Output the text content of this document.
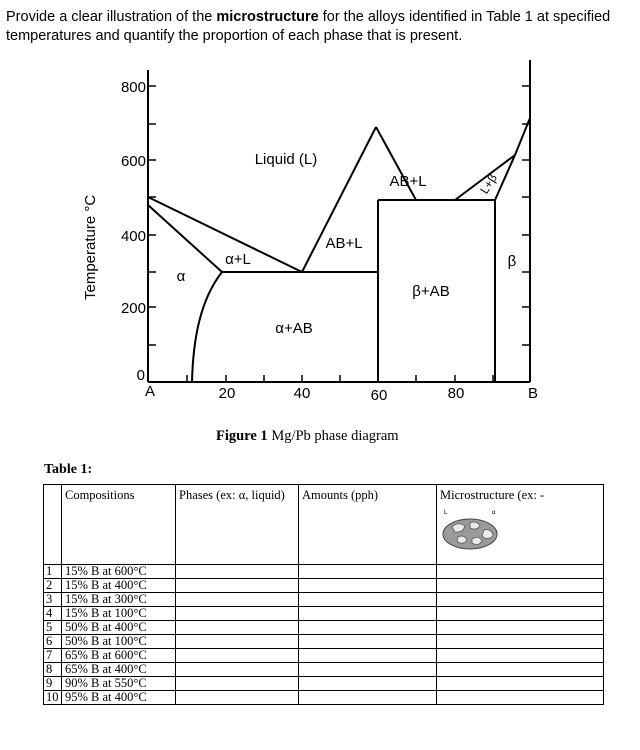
Provide a clear illustration of the microstructure for the alloys identified in Table 1 at specified temperatures and quantify the proportion of each phase that is present.
Temperature °C
800
600
400
200
0
A	20	40	60	80	B
Liquid (L)
α+L
AB+L
AB+L
α
α+AB
β+AB
β
L+β
Figure 1 Mg/Pb phase diagram
Table 1:
	Compositions	Phases (ex: α, liquid)	Amounts (pph)	Microstructure (ex: -
L α

1	15% B at 600°C			
2	15% B at 400°C			
3	15% B at 300°C			
4	15% B at 100°C			
5	50% B at 400°C			
6	50% B at 100°C			
7	65% B at 600°C			
8	65% B at 400°C			
9	90% B at 550°C			
10	95% B at 400°C			
